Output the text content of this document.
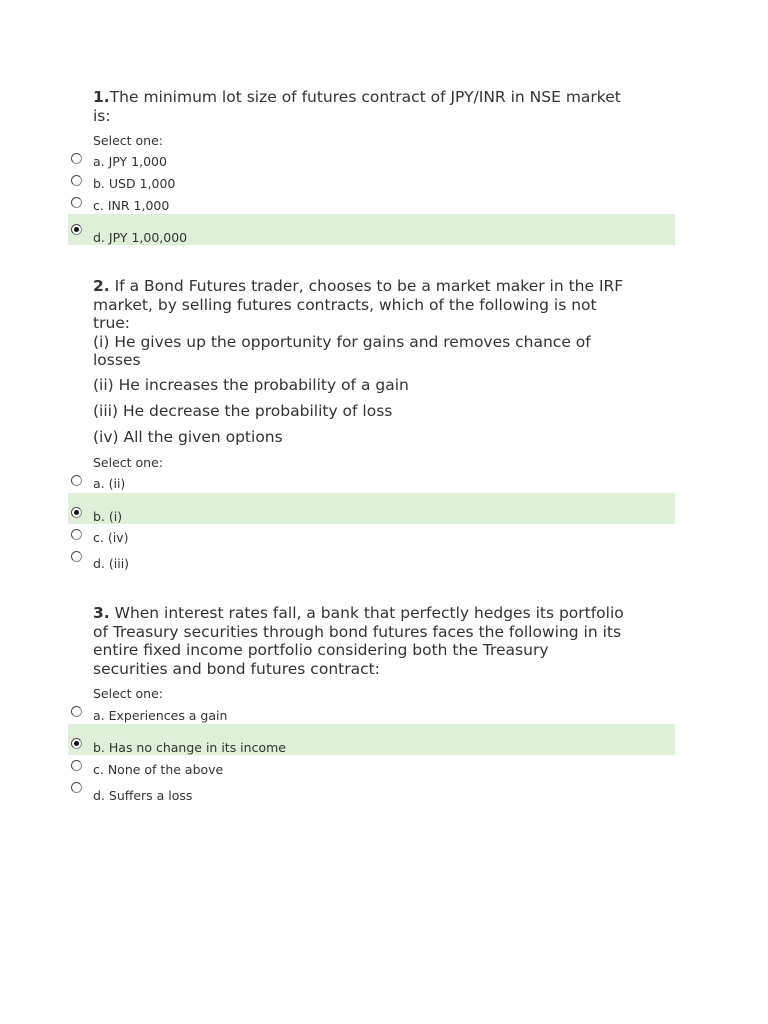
1.The minimum lot size of futures contract of JPY/INR in NSE market
is:
Select one:
a. JPY 1,000
b. USD 1,000
c. INR 1,000
d. JPY 1,00,000
2. If a Bond Futures trader, chooses to be a market maker in the IRF
market, by selling futures contracts, which of the following is not
true:
(i) He gives up the opportunity for gains and removes chance of
losses
(ii) He increases the probability of a gain
(iii) He decrease the probability of loss
(iv) All the given options
Select one:
a. (ii)
b. (i)
c. (iv)
d. (iii)
3. When interest rates fall, a bank that perfectly hedges its portfolio
of Treasury securities through bond futures faces the following in its
entire fixed income portfolio considering both the Treasury
securities and bond futures contract:
Select one:
a. Experiences a gain
b. Has no change in its income
c. None of the above
d. Suffers a loss
